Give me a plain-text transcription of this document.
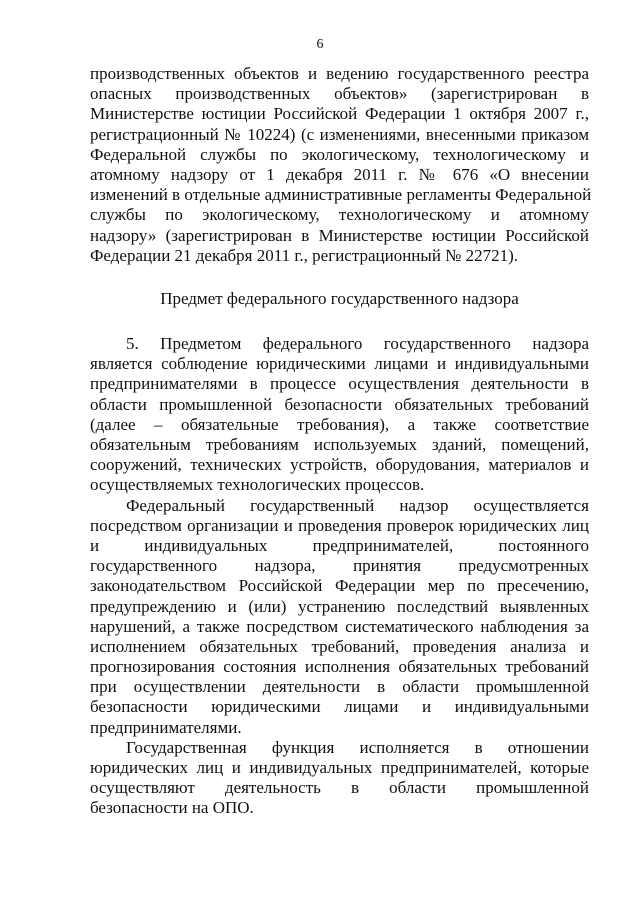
6
производственных объектов и ведению государственного реестра
опасных производственных объектов» (зарегистрирован в
Министерстве юстиции Российской Федерации 1 октября 2007 г.,
регистрационный № 10224) (с изменениями, внесенными приказом
Федеральной службы по экологическому, технологическому и
атомному надзору от 1 декабря 2011 г. № 676 «О внесении
изменений в отдельные административные регламенты Федеральной
службы по экологическому, технологическому и атомному
надзору» (зарегистрирован в Министерстве юстиции Российской
Федерации 21 декабря 2011 г., регистрационный № 22721).
Предмет федерального государственного надзора
5. Предметом федерального государственного надзора
является соблюдение юридическими лицами и индивидуальными
предпринимателями в процессе осуществления деятельности в
области промышленной безопасности обязательных требований
(далее – обязательные требования), а также соответствие
обязательным требованиям используемых зданий, помещений,
сооружений, технических устройств, оборудования, материалов и
осуществляемых технологических процессов.
Федеральный государственный надзор осуществляется
посредством организации и проведения проверок юридических лиц
и индивидуальных предпринимателей, постоянного
государственного надзора, принятия предусмотренных
законодательством Российской Федерации мер по пресечению,
предупреждению и (или) устранению последствий выявленных
нарушений, а также посредством систематического наблюдения за
исполнением обязательных требований, проведения анализа и
прогнозирования состояния исполнения обязательных требований
при осуществлении деятельности в области промышленной
безопасности юридическими лицами и индивидуальными
предпринимателями.
Государственная функция исполняется в отношении
юридических лиц и индивидуальных предпринимателей, которые
осуществляют деятельность в области промышленной
безопасности на ОПО.
